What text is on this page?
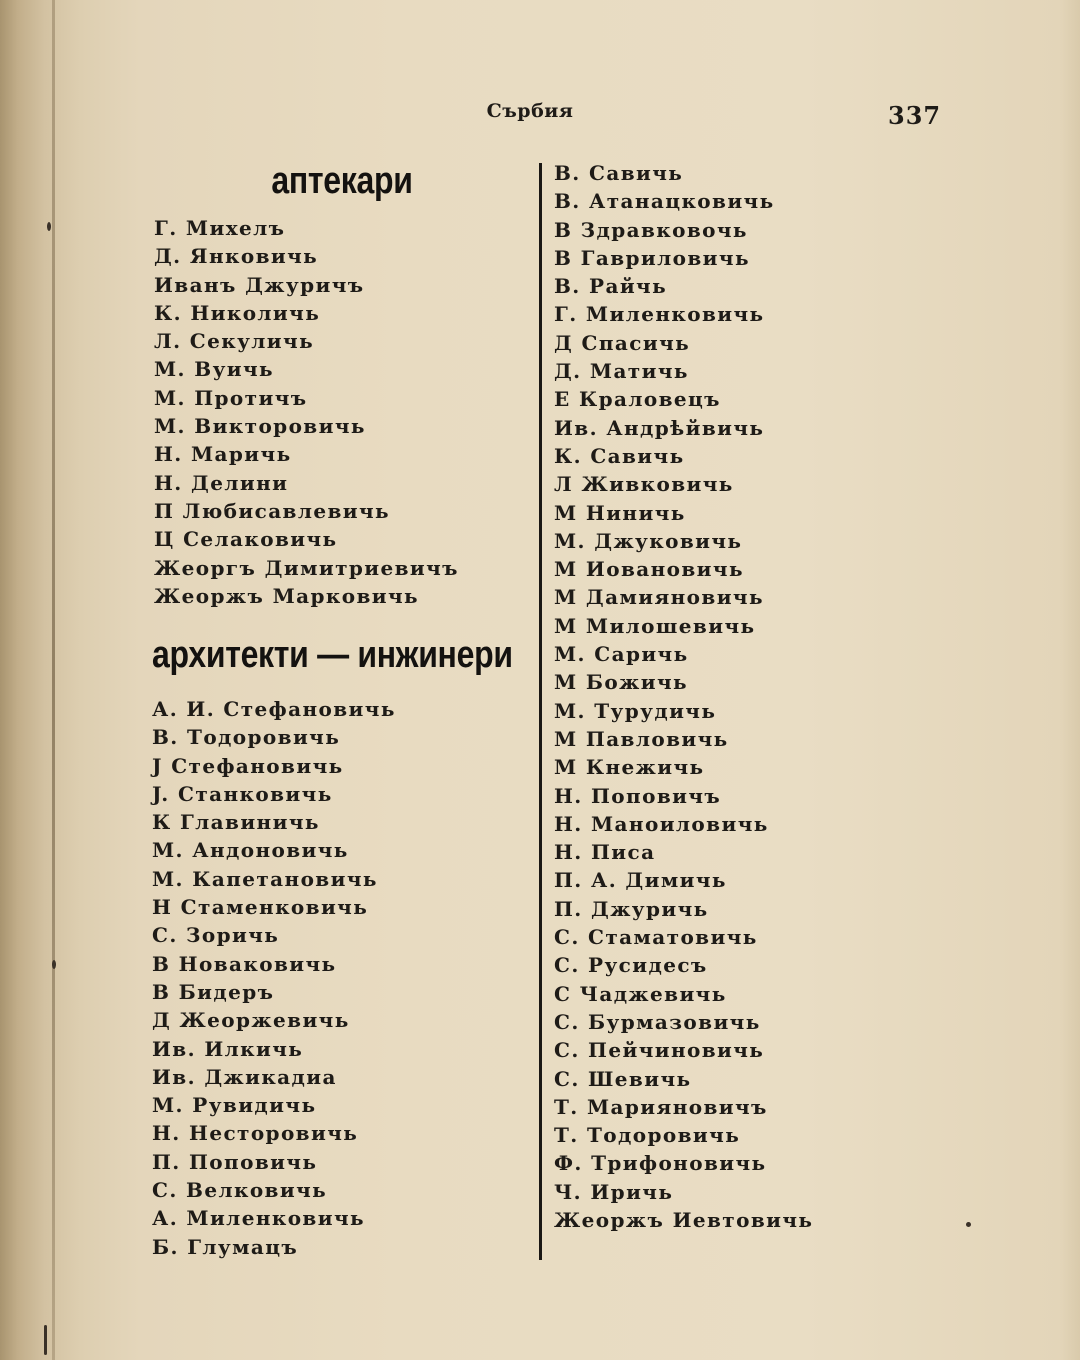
Сърбия	337
аптекари
Г. Михелъ
Д. Янковичь
Иванъ Джуричъ
К. Николичь
Л. Секуличь
М. Вуичь
М. Протичъ
М. Викторовичь
Н. Маричь
Н. Делини
П Любисавлевичь
Ц Селаковичь
Жеоргъ Димитриевичъ
Жеоржъ Марковичь
архитекти — инжинери
А. И. Стефановичь
В. Тодоровичь
J Стефановичь
J. Станковичь
К Главиничь
М. Андоновичь
М. Капетановичь
Н Стаменковичь
С. Зоричь
В Новаковичь
В Бидеръ
Д Жеоржевичь
Ив. Илкичь
Ив. Джикадиа
М. Рувидичь
Н. Несторовичь
П. Поповичь
С. Велковичь
А. Миленковичь
Б. Глумацъ
В. Савичь
В. Атанацковичь
В Здравковочь
В Гавриловичь
В. Райчь
Г. Миленковичь
Д Спасичь
Д. Матичь
Е Краловецъ
Ив. Андрѣйвичь
К. Савичь
Л Живковичь
М Ниничь
М. Джуковичь
М Иовановичь
М Дамияновичь
М Милошевичь
М. Саричь
М Божичь
М. Турудичь
М Павловичь
М Кнежичь
Н. Поповичъ
Н. Маноиловичь
Н. Писа
П. А. Димичь
П. Джуричь
С. Стаматовичь
С. Русидесъ
С Чаджевичь
С. Бурмазовичь
С. Пейчиновичь
С. Шевичь
Т. Марияновичъ
Т. Тодоровичь
Ф. Трифоновичь
Ч. Иричь
Жеоржъ Иевтовичь
